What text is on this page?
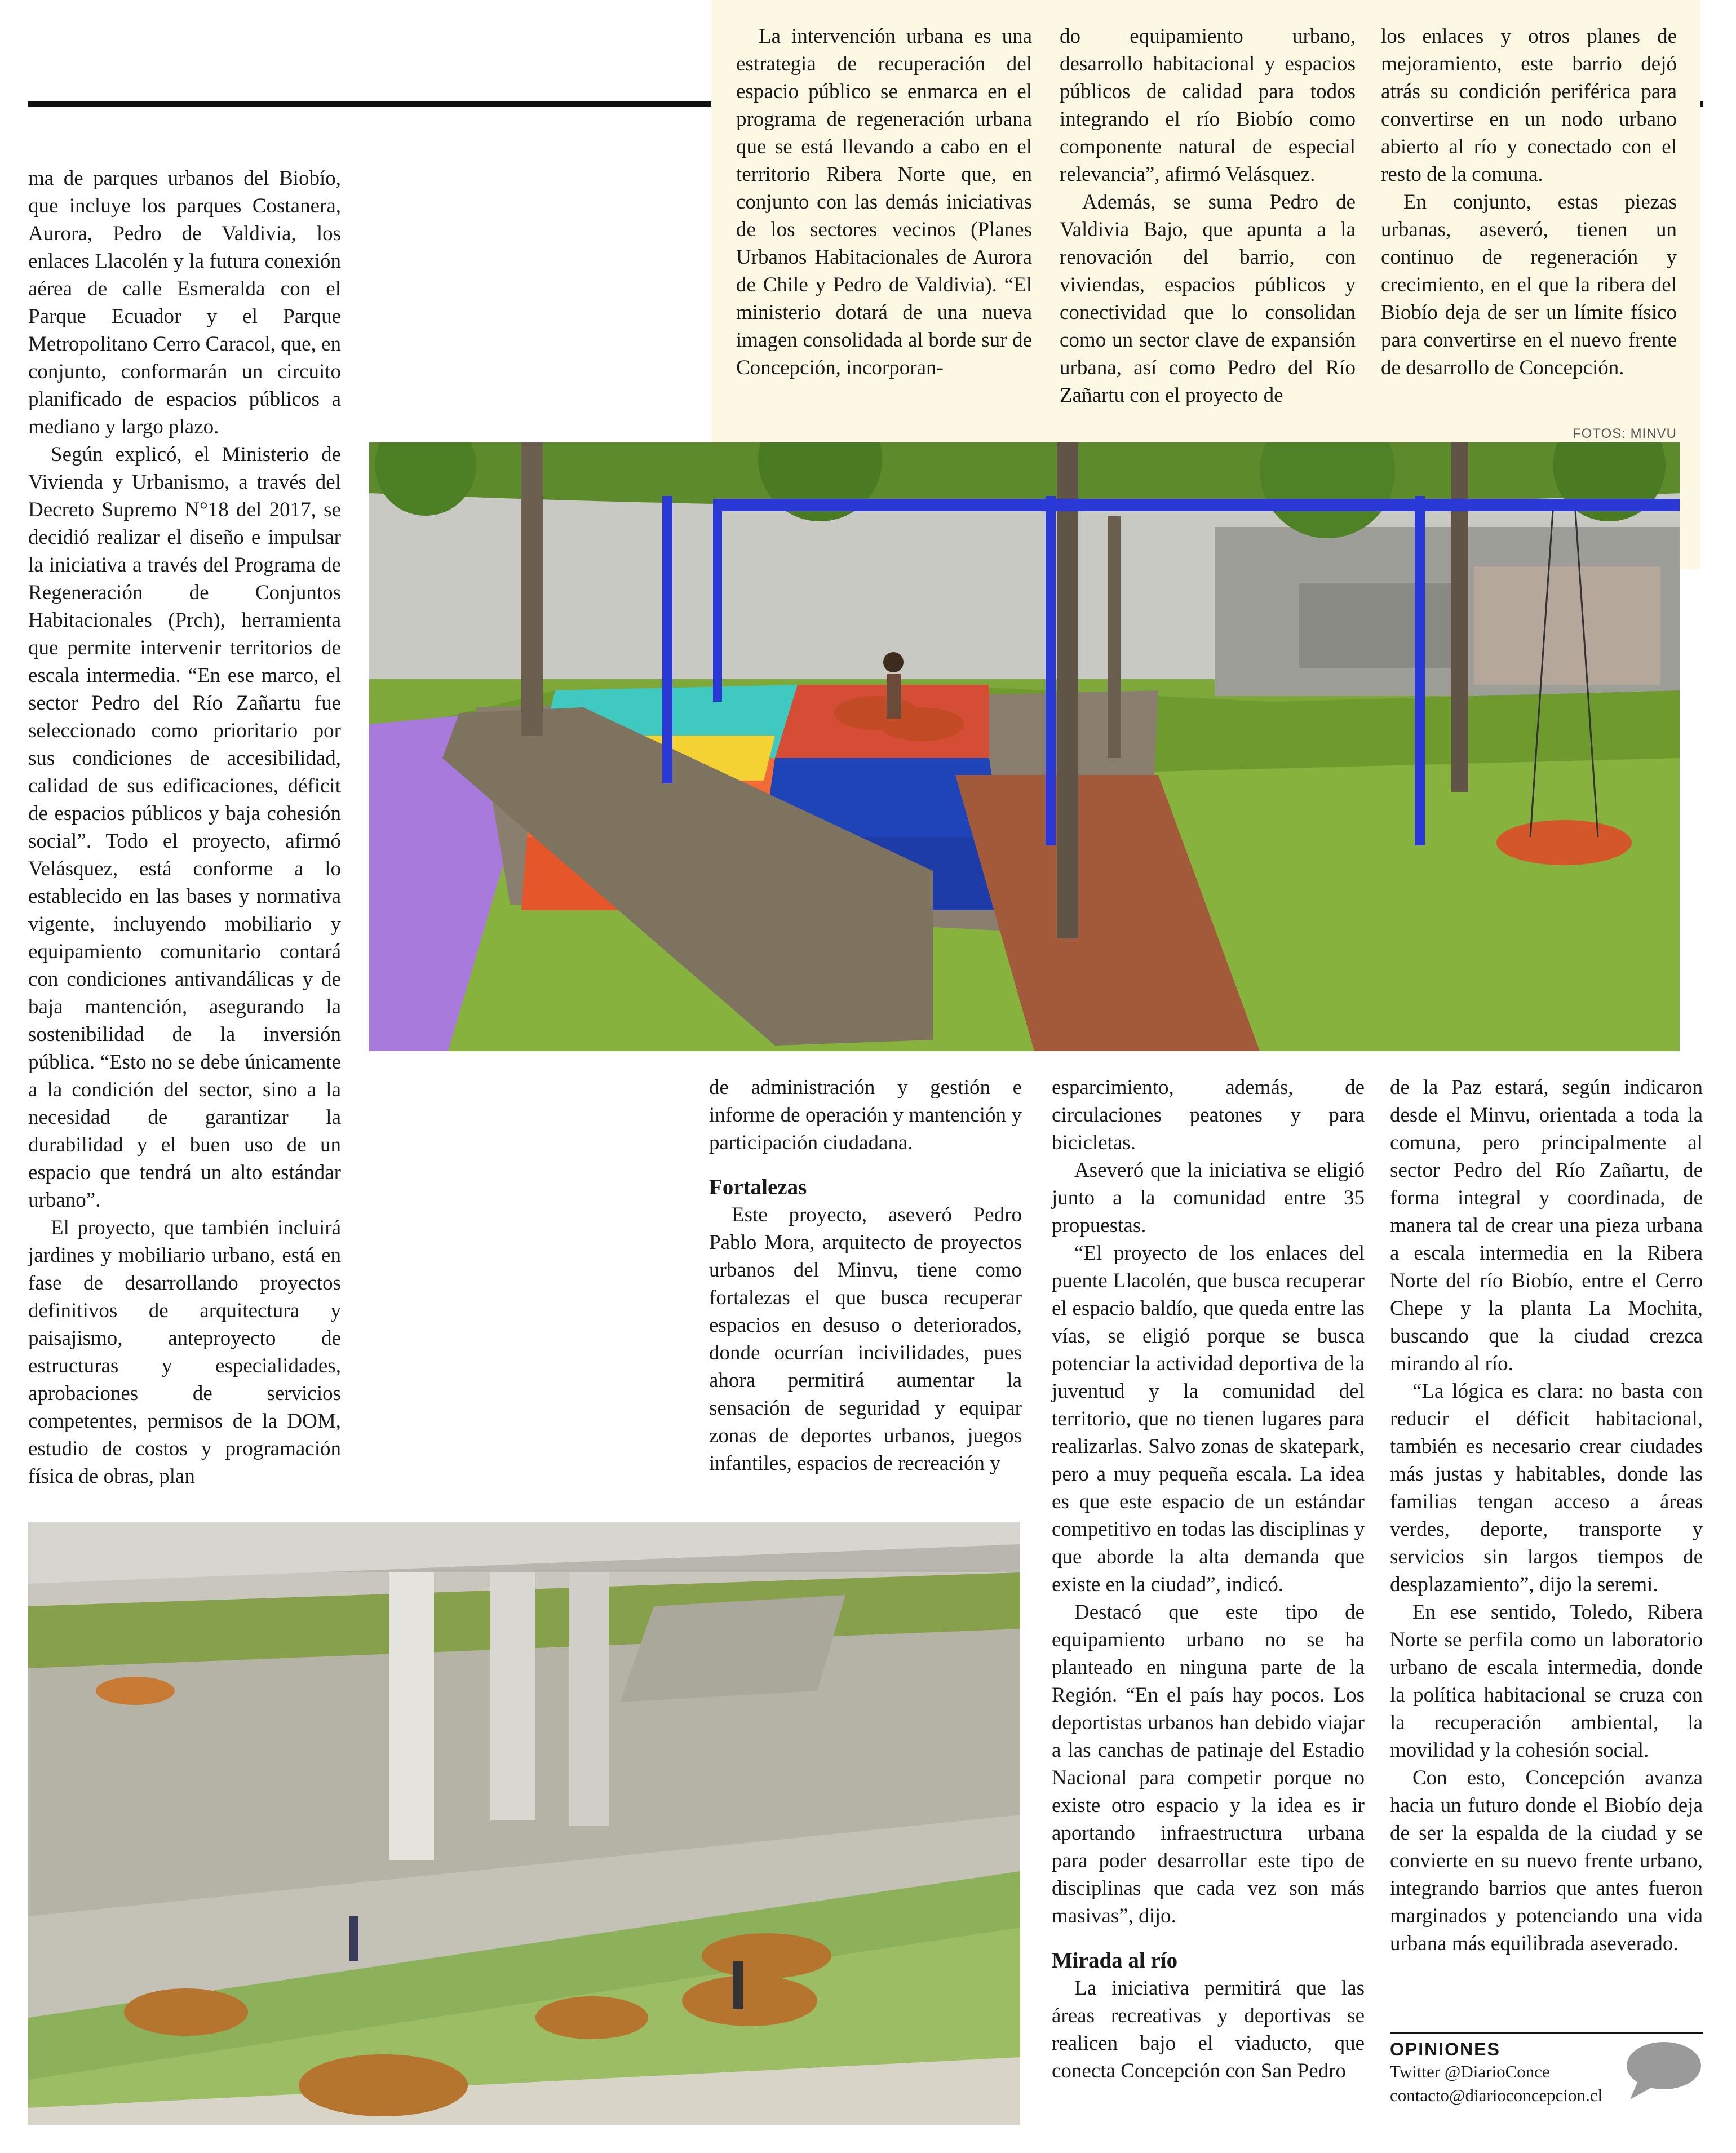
La intervención urbana es una estrategia de recuperación del espacio público se enmarca en el programa de regeneración urbana que se está llevando a cabo en el territorio Ribera Norte que, en conjunto con las demás iniciativas de los sectores vecinos (Planes Urbanos Habitacionales de Aurora de Chile y Pedro de Valdivia). “El ministerio dotará de una nueva imagen consolidada al borde sur de Concepción, incorporan-

do equipamiento urbano, desarrollo habitacional y espacios públicos de calidad para todos integrando el río Biobío como componente natural de especial relevancia”, afirmó Velásquez.

Además, se suma Pedro de Valdivia Bajo, que apunta a la renovación del barrio, con viviendas, espacios públicos y conectividad que lo consolidan como un sector clave de expansión urbana, así como Pedro del Río Zañartu con el proyecto de

los enlaces y otros planes de mejoramiento, este barrio dejó atrás su condición periférica para convertirse en un nodo urbano abierto al río y conectado con el resto de la comuna.

En conjunto, estas piezas urbanas, aseveró, tienen un continuo de regeneración y crecimiento, en el que la ribera del Biobío deja de ser un límite físico para convertirse en el nuevo frente de desarrollo de Concepción.

FOTOS: MINVU

ma de parques urbanos del Biobío, que incluye los parques Costanera, Aurora, Pedro de Valdivia, los enlaces Llacolén y la futura conexión aérea de calle Esmeralda con el Parque Ecuador y el Parque Metropolitano Cerro Caracol, que, en conjunto, conformarán un circuito planificado de espacios públicos a mediano y largo plazo.

Según explicó, el Ministerio de Vivienda y Urbanismo, a través del Decreto Supremo N°18 del 2017, se decidió realizar el diseño e impulsar la iniciativa a través del Programa de Regeneración de Conjuntos Habitacionales (Prch), herramienta que permite intervenir territorios de escala intermedia. “En ese marco, el sector Pedro del Río Zañartu fue seleccionado como prioritario por sus condiciones de accesibilidad, calidad de sus edificaciones, déficit de espacios públicos y baja cohesión social”. Todo el proyecto, afirmó Velásquez, está conforme a lo establecido en las bases y normativa vigente, incluyendo mobiliario y equipamiento comunitario contará con condiciones antivandálicas y de baja mantención, asegurando la sostenibilidad de la inversión pública. “Esto no se debe únicamente a la condición del sector, sino a la necesidad de garantizar la durabilidad y el buen uso de un espacio que tendrá un alto estándar urbano”.

El proyecto, que también incluirá jardines y mobiliario urbano, está en fase de desarrollando proyectos definitivos de arquitectura y paisajismo, anteproyecto de estructuras y especialidades, aprobaciones de servicios competentes, permisos de la DOM, estudio de costos y programación física de obras, plan

de administración y gestión e informe de operación y mantención y participación ciudadana.

Fortalezas

Este proyecto, aseveró Pedro Pablo Mora, arquitecto de proyectos urbanos del Minvu, tiene como fortalezas el que busca recuperar espacios en desuso o deteriorados, donde ocurrían incivilidades, pues ahora permitirá aumentar la sensación de seguridad y equipar zonas de deportes urbanos, juegos infantiles, espacios de recreación y

esparcimiento, además, de circulaciones peatones y para bicicletas.

Aseveró que la iniciativa se eligió junto a la comunidad entre 35 propuestas.

“El proyecto de los enlaces del puente Llacolén, que busca recuperar el espacio baldío, que queda entre las vías, se eligió porque se busca potenciar la actividad deportiva de la juventud y la comunidad del territorio, que no tienen lugares para realizarlas. Salvo zonas de skatepark, pero a muy pequeña escala. La idea es que este espacio de un estándar competitivo en todas las disciplinas y que aborde la alta demanda que existe en la ciudad”, indicó.

Destacó que este tipo de equipamiento urbano no se ha planteado en ninguna parte de la Región. “En el país hay pocos. Los deportistas urbanos han debido viajar a las canchas de patinaje del Estadio Nacional para competir porque no existe otro espacio y la idea es ir aportando infraestructura urbana para poder desarrollar este tipo de disciplinas que cada vez son más masivas”, dijo.

Mirada al río

La iniciativa permitirá que las áreas recreativas y deportivas se realicen bajo el viaducto, que conecta Concepción con San Pedro

de la Paz estará, según indicaron desde el Minvu, orientada a toda la comuna, pero principalmente al sector Pedro del Río Zañartu, de forma integral y coordinada, de manera tal de crear una pieza urbana a escala intermedia en la Ribera Norte del río Biobío, entre el Cerro Chepe y la planta La Mochita, buscando que la ciudad crezca mirando al río.

“La lógica es clara: no basta con reducir el déficit habitacional, también es necesario crear ciudades más justas y habitables, donde las familias tengan acceso a áreas verdes, deporte, transporte y servicios sin largos tiempos de desplazamiento”, dijo la seremi.

En ese sentido, Toledo, Ribera Norte se perfila como un laboratorio urbano de escala intermedia, donde la política habitacional se cruza con la recuperación ambiental, la movilidad y la cohesión social.

Con esto, Concepción avanza hacia un futuro donde el Biobío deja de ser la espalda de la ciudad y se convierte en su nuevo frente urbano, integrando barrios que antes fueron marginados y potenciando una vida urbana más equilibrada aseverado.

OPINIONES
Twitter @DiarioConce
contacto@diarioconcepcion.cl
